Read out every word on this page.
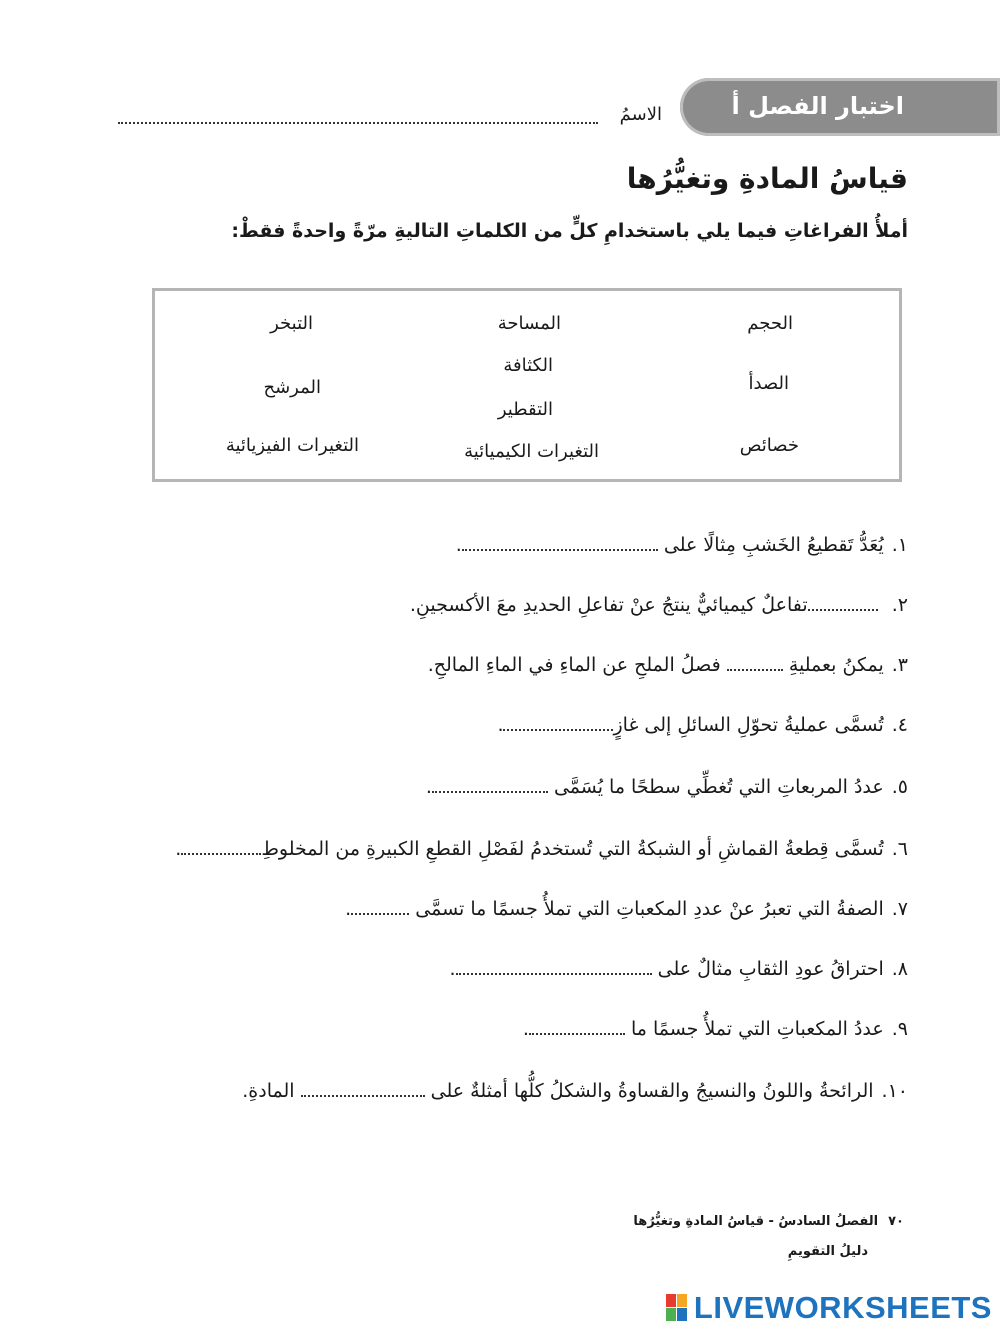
اختبار الفصل أ
الاسمُ
قياسُ المادةِ وتغيُّرُها
أملأُ الفراغاتِ فيما يلي باستخدامِ كلٍّ من الكلماتِ التاليةِ مرّةً واحدةً فقطْ:
الحجم
المساحة
التبخر
الصدأ
الكثافة
التقطير
المرشح
خصائص
التغيرات الكيميائية
التغيرات الفيزيائية
١.يُعَدُّ تَقطيعُ الخَشبِ مِثالًا على .
٢. تفاعلٌ كيميائيٌّ ينتجُ عنْ تفاعلِ الحديدِ معَ الأكسجينِ.
٣.يمكنُ بعمليةِ  فصلُ الملحِ عن الماءِ في الماءِ المالحِ.
٤.تُسمَّى عمليةُ تحوّلِ السائلِ إلى غازٍ.
٥.عددُ المربعاتِ التي تُغطِّي سطحًا ما يُسَمَّى .
٦.تُسمَّى قِطعةُ القماشِ أو الشبكةُ التي تُستخدمُ لفَصْلِ القطعِ الكبيرةِ من المخلوطِ.
٧.الصفةُ التي تعبرُ عنْ عددِ المكعباتِ التي تملأُ جسمًا ما تسمَّى .
٨.احتراقُ عودِ الثقابِ مثالٌ على .
٩.عددُ المكعباتِ التي تملأُ جسمًا ما .
١٠.الرائحةُ واللونُ والنسيجُ والقساوةُ والشكلُ كلُّها أمثلةٌ على  المادةِ.
٧٠الفصلُ السادسُ - قياسُ المادةِ وتغيُّرُها
دليلُ التقويمِ
LIVEWORKSHEETS
